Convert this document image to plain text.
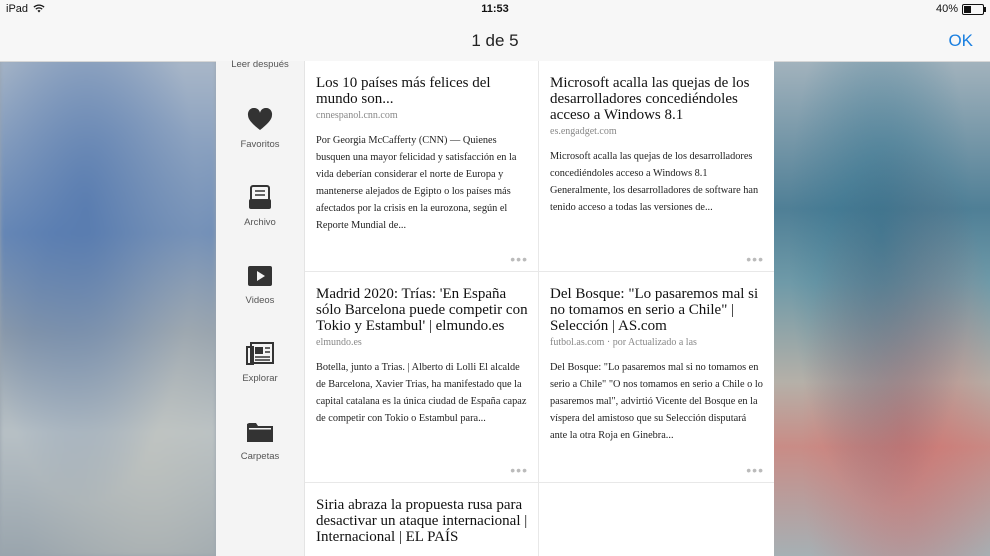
iPad	11:53	40%
1 de 5	OK
Leer después
Favoritos
Archivo
Videos
Explorar
Carpetas
Los 10 países más felices del mundo son...
cnnespanol.cnn.com
Por Georgia McCafferty (CNN) — Quienes busquen una mayor felicidad y satisfacción en la vida deberían considerar el norte de Europa y mantenerse alejados de Egipto o los países más afectados por la crisis en la eurozona, según el Reporte Mundial de...
•••
Microsoft acalla las quejas de los desarrolladores concediéndoles acceso a Windows 8.1
es.engadget.com
Microsoft acalla las quejas de los desarrolladores concediéndoles acceso a Windows 8.1 Generalmente, los desarrolladores de software han tenido acceso a todas las versiones de...
•••
Madrid 2020: Trías: 'En España sólo Barcelona puede competir con Tokio y Estambul' | elmundo.es
elmundo.es
Botella, junto a Trias. | Alberto di Lolli El alcalde de Barcelona, Xavier Trias, ha manifestado que la capital catalana es la única ciudad de España capaz de competir con Tokio o Estambul para...
•••
Del Bosque: "Lo pasaremos mal si no tomamos en serio a Chile" | Selección | AS.com
futbol.as.com · por Actualizado a las
Del Bosque: "Lo pasaremos mal si no tomamos en serio a Chile" "O nos tomamos en serio a Chile o lo pasaremos mal", advirtió Vicente del Bosque en la víspera del amistoso que su Selección disputará ante la otra Roja en Ginebra...
•••
Siria abraza la propuesta rusa para desactivar un ataque internacional | Internacional | EL PAÍS
